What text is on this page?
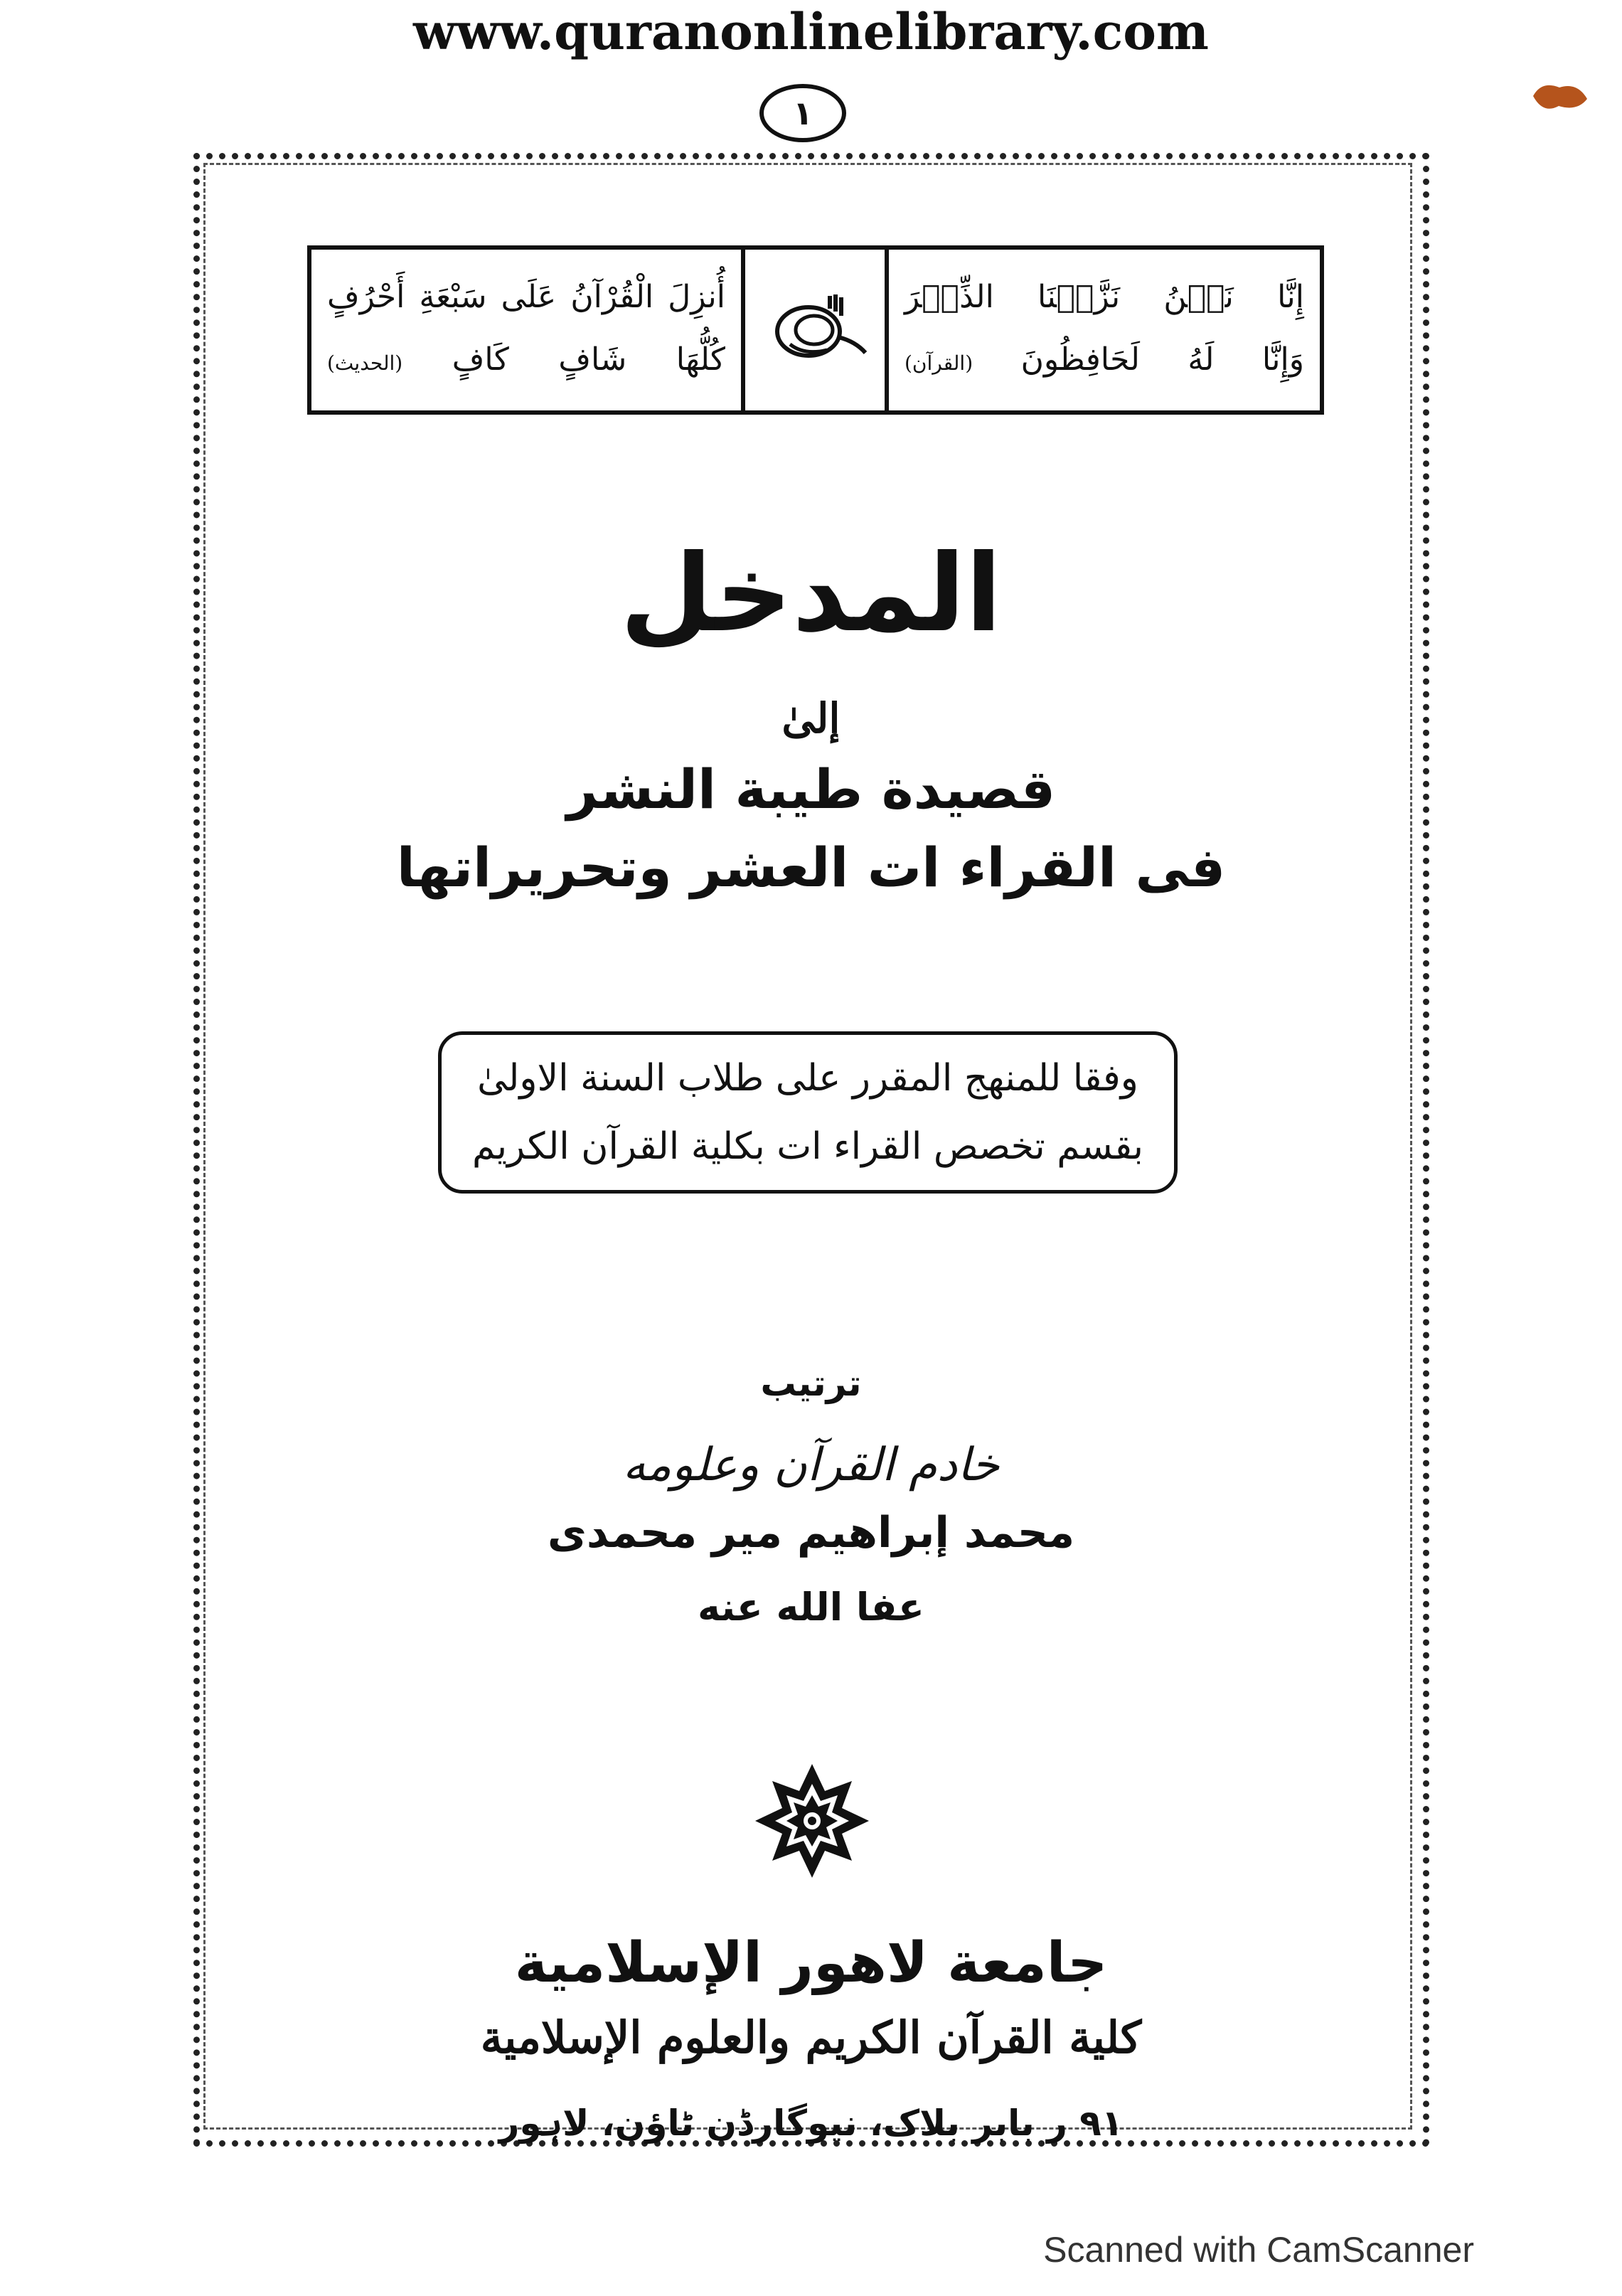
www.quranonlinelibrary.com
١
أُنزِلَ الْقُرْآنُ عَلَى سَبْعَةِ أَحْرُفٍ
كُلُّهَا شَافٍ كَافٍ (الحديث)
إِنَّا نَحۡنُ نَزَّلۡنَا الذِّكۡرَ
وَإِنَّا لَهُ لَحَافِظُونَ (القرآن)
المدخل
إلىٰ
قصيدة طيبة النشر
فى القراء ات العشر وتحريراتها
وفقا للمنهج المقرر على طلاب السنة الاولىٰ
بقسم تخصص القراء ات بكلية القرآن الكريم
ترتيب
خادم القرآن وعلومه
محمد إبراهيم مير محمدى
عفا الله عنه
جامعة لاهور الإسلامية
كلية القرآن الكريم والعلوم الإسلامية
۹۱ ر بابر بلاک، نیوگارڈن ٹاؤن، لاہور
Scanned with CamScanner
